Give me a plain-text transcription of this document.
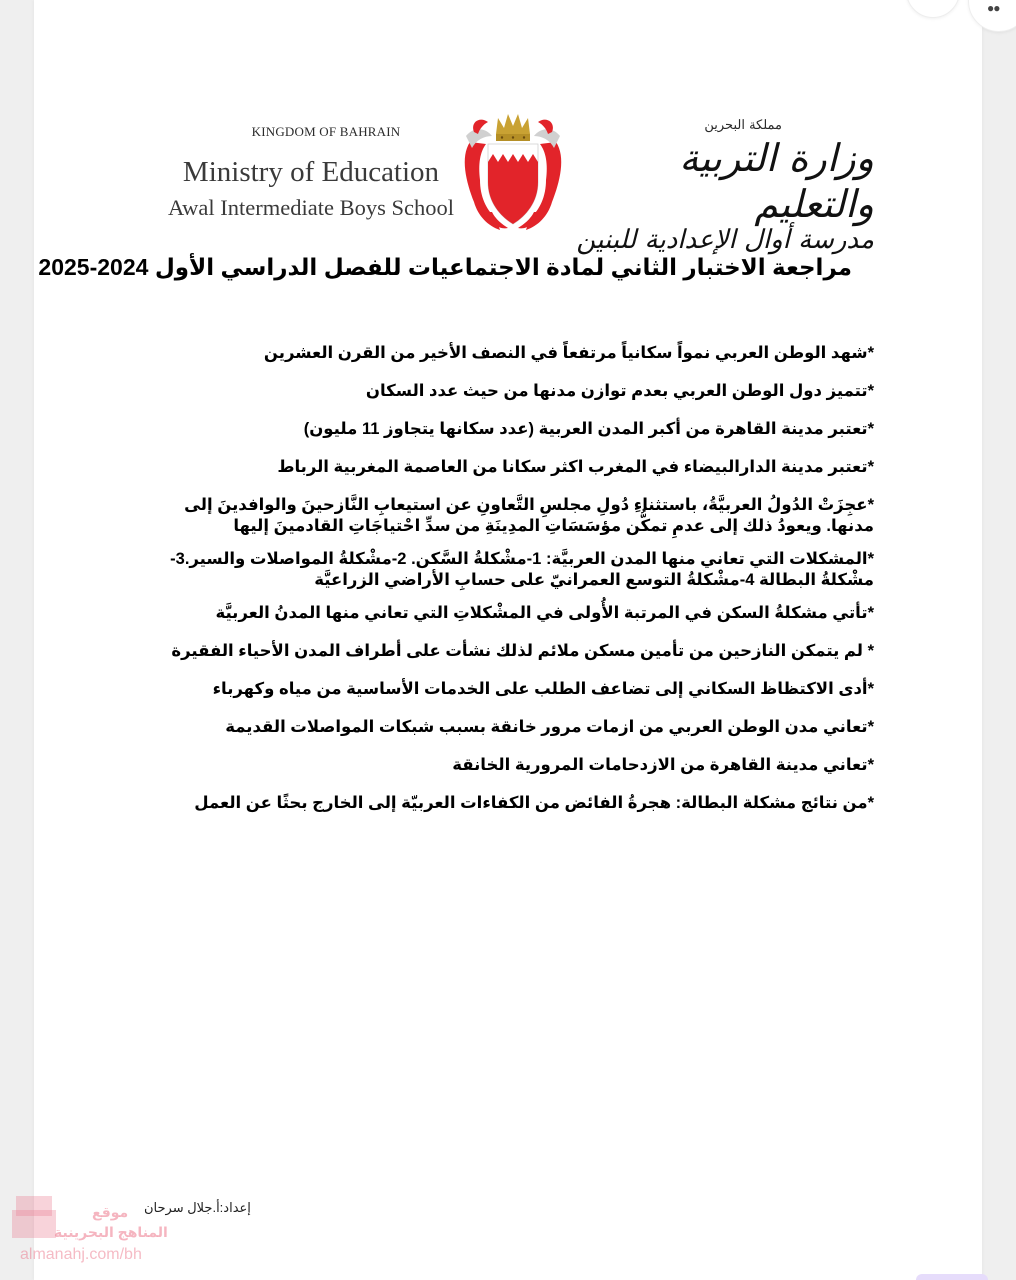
KINGDOM OF BAHRAIN
Ministry of Education
Awal Intermediate Boys School
مملكة البحرين
وزارة التربية والتعليم
مدرسة أوال الإعدادية للبنين
مراجعة الاختبار الثاني لمادة الاجتماعيات للفصل الدراسي الأول 2024-2025
*شهد الوطن العربي نمواً سكانياً مرتفعاً في النصف الأخير من القرن العشرين
*تتميز دول الوطن العربي بعدم توازن مدنها من حيث عدد السكان
*تعتبر مدينة القاهرة من أكبر المدن العربية (عدد سكانها يتجاوز 11 مليون)
*تعتبر مدينة الدارالبيضاء في المغرب اكثر سكانا من العاصمة المغربية الرباط
*عجِزَتْ الدُولُ العربيَّةُ، باستثناءِ دُولِ مجلسِ التَّعاونِ عن استيعابِ النَّازحينَ والوافدينَ إلى مدنها. ويعودُ ذلك إلى عدمِ تمكُّن مؤسَسَاتِ المدِينَةِ من سدِّ احْتياجَاتِ القادمينَ إليها
*المشكلات التي تعاني منها المدن العربيَّة: 1-مشْكلةُ السَّكن. 2-مشْكلةُ المواصلات والسير.3-مشْكلةُ البطالة 4-مشْكلةُ التوسع العمرانيّ على حسابِ الأراضي الزراعيَّة
*تأتي مشكلةُ السكن في المرتبة الأُولى في المشْكلاتِ التي تعاني منها المدنُ العربيَّة
* لم يتمكن النازحين من تأمين مسكن ملائم لذلك نشأت على أطراف المدن الأحياء الفقيرة
*أدى الاكتظاظ السكاني إلى تضاعف الطلب على الخدمات الأساسية من مياه وكهرباء
*تعاني مدن الوطن العربي من ازمات مرور خانقة بسبب شبكات المواصلات القديمة
*تعاني مدينة القاهرة من الازدحامات المرورية الخانقة
*من نتائج مشكلة البطالة: هجرةُ الفائض من الكفاءات العربيّة إلى الخارج بحثًا عن العمل
إعداد:أ.جلال سرحان
موقع
المناهج البحرينية
almanahj.com/bh
●●
